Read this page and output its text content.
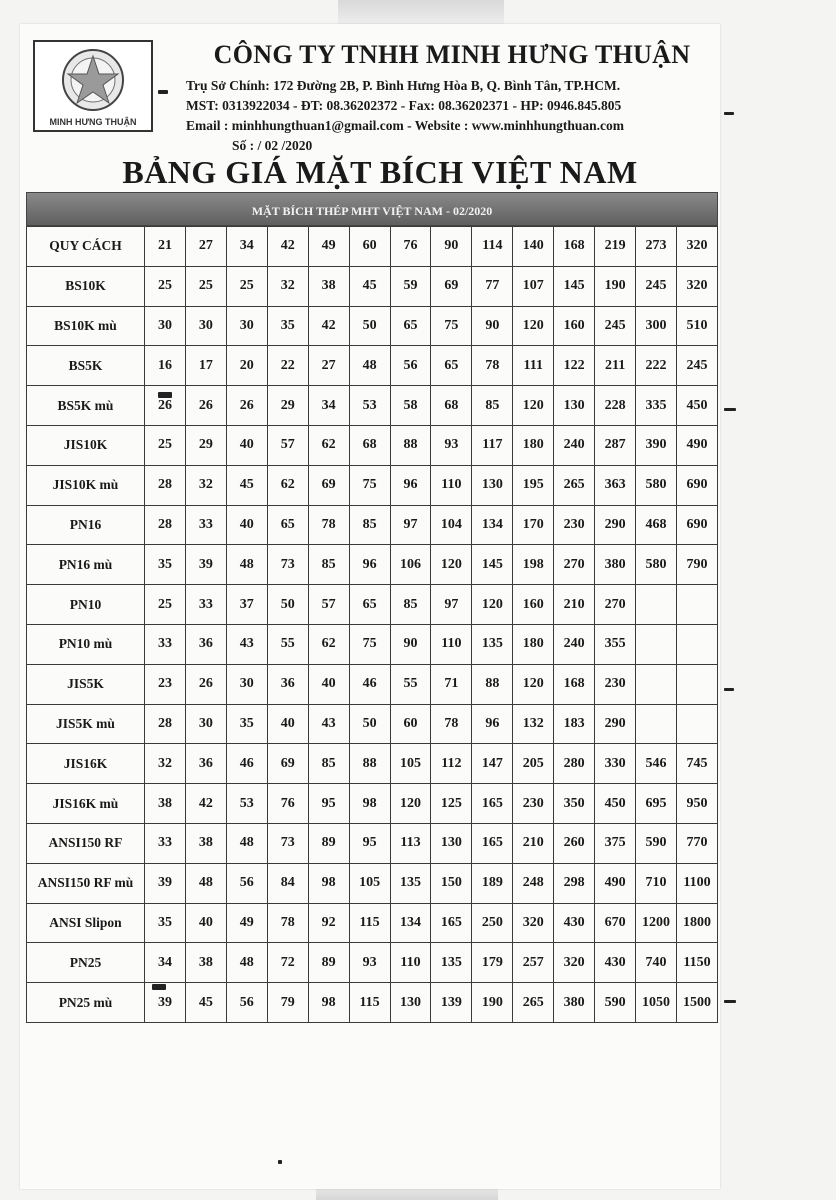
MINH HƯNG THUẬN
CÔNG TY TNHH MINH HƯNG THUẬN
Trụ Sở Chính: 172 Đường 2B, P. Bình Hưng Hòa B, Q. Bình Tân, TP.HCM.
MST: 0313922034 - ĐT: 08.36202372 - Fax: 08.36202371 - HP: 0946.845.805
Email : minhhungthuan1@gmail.com - Website : www.minhhungthuan.com
Số : / 02 /2020
BẢNG GIÁ MẶT BÍCH VIỆT NAM
MẶT BÍCH THÉP MHT VIỆT NAM - 02/2020
QUY CÁCH	21	27	34	42	49	60	76	90	114	140	168	219	273	320
BS10K	25	25	25	32	38	45	59	69	77	107	145	190	245	320
BS10K mù	30	30	30	35	42	50	65	75	90	120	160	245	300	510
BS5K	16	17	20	22	27	48	56	65	78	111	122	211	222	245
BS5K mù	26	26	26	29	34	53	58	68	85	120	130	228	335	450
JIS10K	25	29	40	57	62	68	88	93	117	180	240	287	390	490
JIS10K mù	28	32	45	62	69	75	96	110	130	195	265	363	580	690
PN16	28	33	40	65	78	85	97	104	134	170	230	290	468	690
PN16 mù	35	39	48	73	85	96	106	120	145	198	270	380	580	790
PN10	25	33	37	50	57	65	85	97	120	160	210	270		
PN10 mù	33	36	43	55	62	75	90	110	135	180	240	355		
JIS5K	23	26	30	36	40	46	55	71	88	120	168	230		
JIS5K mù	28	30	35	40	43	50	60	78	96	132	183	290		
JIS16K	32	36	46	69	85	88	105	112	147	205	280	330	546	745
JIS16K mù	38	42	53	76	95	98	120	125	165	230	350	450	695	950
ANSI150 RF	33	38	48	73	89	95	113	130	165	210	260	375	590	770
ANSI150 RF mù	39	48	56	84	98	105	135	150	189	248	298	490	710	1100
ANSI Slipon	35	40	49	78	92	115	134	165	250	320	430	670	1200	1800
PN25	34	38	48	72	89	93	110	135	179	257	320	430	740	1150
PN25 mù	39	45	56	79	98	115	130	139	190	265	380	590	1050	1500
